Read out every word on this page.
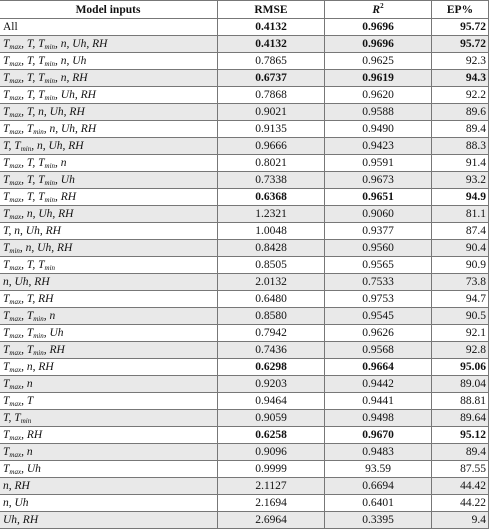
Model inputs	RMSE	$R^2$	EP%
All	0.4132	0.9696	95.72
$T_{max}$, T, $T_{min}$, n, Uh, RH	0.4132	0.9696	95.72
$T_{max}$, T, $T_{min}$, n, Uh	0.7865	0.9625	92.3
$T_{max}$, T, $T_{min}$, n, RH	0.6737	0.9619	94.3
$T_{max}$, T, $T_{min}$, Uh, RH	0.7868	0.9620	92.2
$T_{max}$, T, n, Uh, RH	0.9021	0.9588	89.6
$T_{max}$, $T_{min}$, n, Uh, RH	0.9135	0.9490	89.4
T, $T_{min}$, n, Uh, RH	0.9666	0.9423	88.3
$T_{max}$, T, $T_{min}$, n	0.8021	0.9591	91.4
$T_{max}$, T, $T_{min}$, Uh	0.7338	0.9673	93.2
$T_{max}$, T, $T_{min}$, RH	0.6368	0.9651	94.9
$T_{max}$, n, Uh, RH	1.2321	0.9060	81.1
T, n, Uh, RH	1.0048	0.9377	87.4
$T_{min}$, n, Uh, RH	0.8428	0.9560	90.4
$T_{max}$, T, $T_{min}$	0.8505	0.9565	90.9
n, Uh, RH	2.0132	0.7533	73.8
$T_{max}$, T, RH	0.6480	0.9753	94.7
$T_{max}$, $T_{min}$, n	0.8580	0.9545	90.5
$T_{max}$, $T_{min}$, Uh	0.7942	0.9626	92.1
$T_{max}$, $T_{min}$, RH	0.7436	0.9568	92.8
$T_{max}$, n, RH	0.6298	0.9664	95.06
$T_{max}$, n	0.9203	0.9442	89.04
$T_{max}$, T	0.9464	0.9441	88.81
T, $T_{min}$	0.9059	0.9498	89.64
$T_{max}$, RH	0.6258	0.9670	95.12
$T_{max}$, n	0.9096	0.9483	89.4
$T_{max}$, Uh	0.9999	93.59	87.55
n, RH	2.1127	0.6694	44.42
n, Uh	2.1694	0.6401	44.22
Uh, RH	2.6964	0.3395	9.4
